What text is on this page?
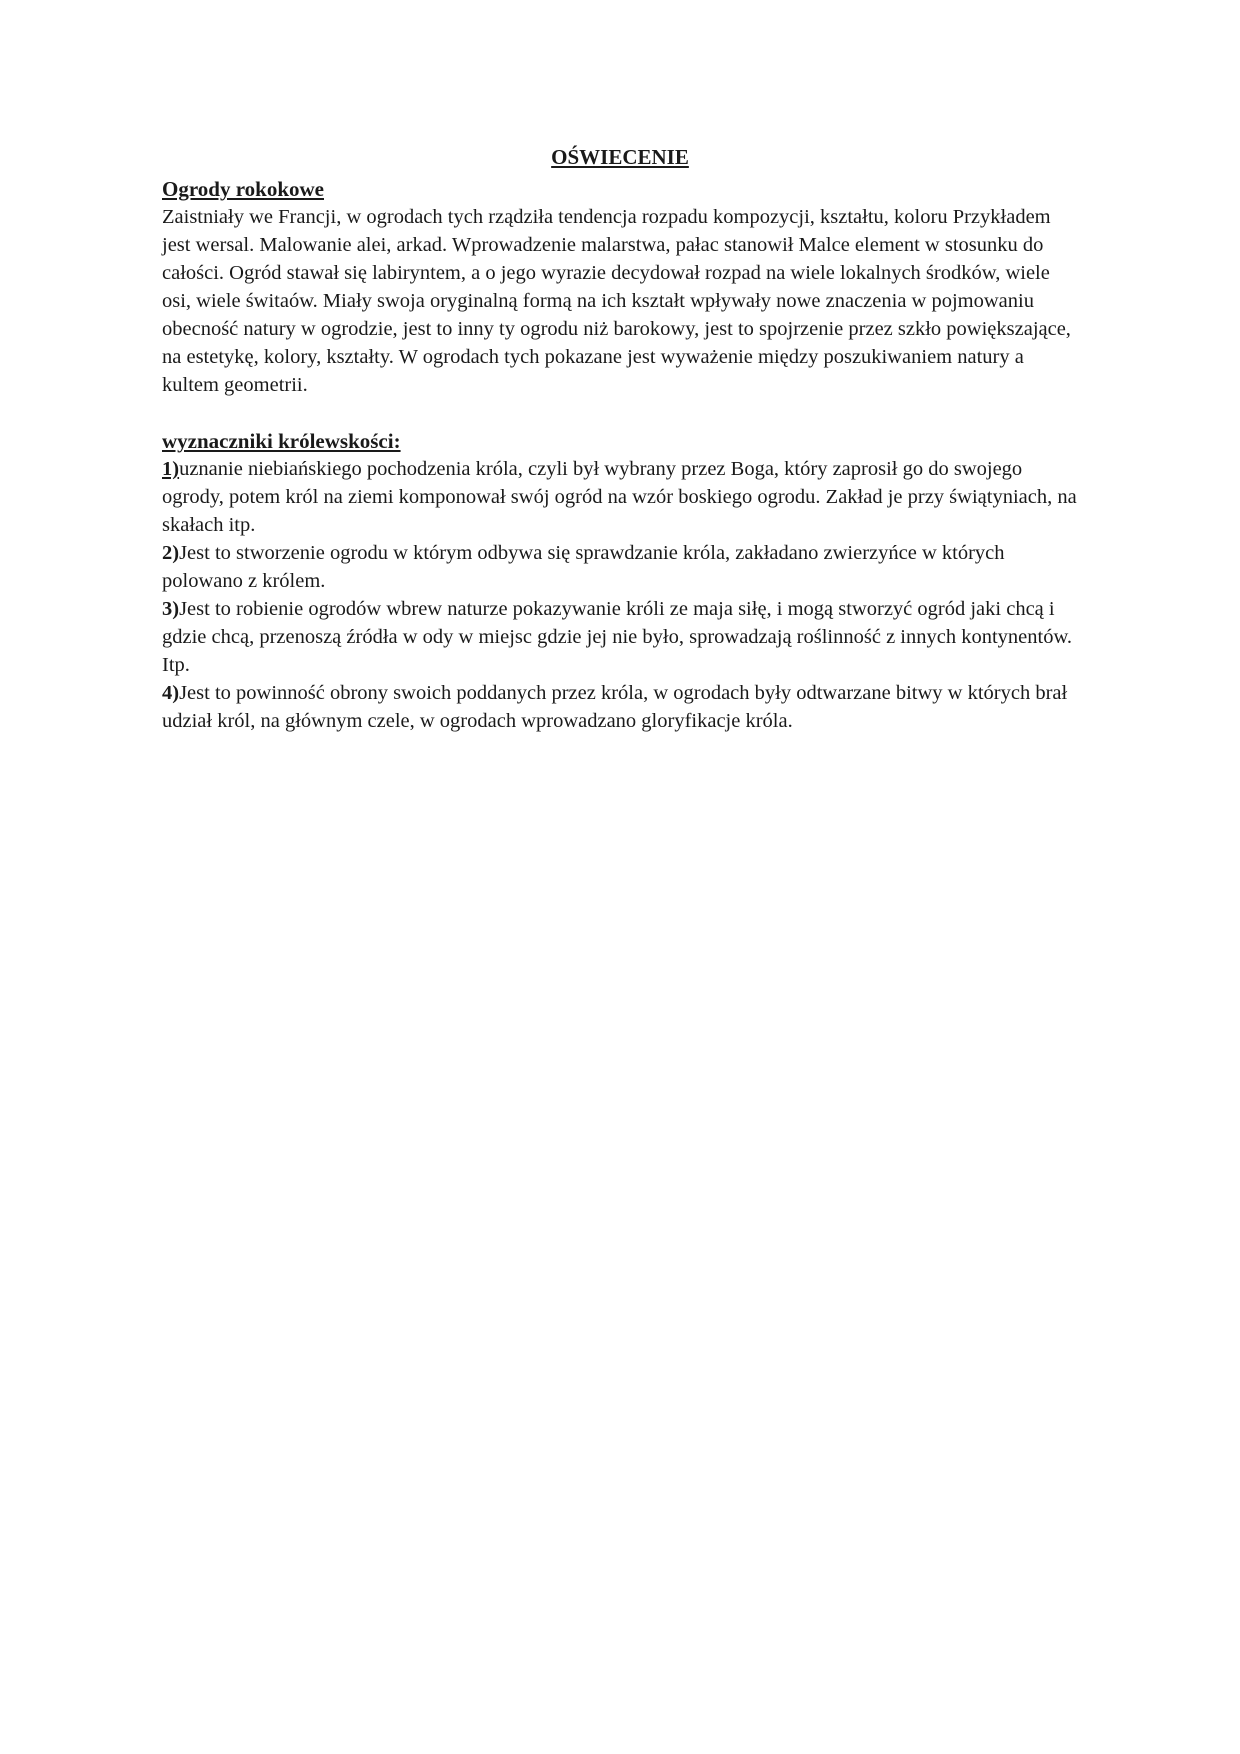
OŚWIECENIE
Ogrody rokokowe

Zaistniały we Francji, w ogrodach tych rządziła tendencja rozpadu kompozycji, kształtu, koloru Przykładem jest wersal. Malowanie alei, arkad. Wprowadzenie malarstwa, pałac stanowił Malce element w stosunku do całości. Ogród stawał się labiryntem, a o jego wyrazie decydował rozpad na wiele lokalnych środków, wiele osi, wiele świtaów. Miały swoja oryginalną formą na ich kształt wpływały nowe znaczenia w pojmowaniu obecność natury w ogrodzie, jest to inny ty ogrodu niż barokowy, jest to spojrzenie przez szkło powiększające, na estetykę, kolory, kształty. W ogrodach tych pokazane jest wyważenie między poszukiwaniem natury a kultem geometrii.

wyznaczniki królewskości:

1)uznanie niebiańskiego pochodzenia króla, czyli był wybrany przez Boga, który zaprosił go do swojego ogrody, potem król na ziemi komponował swój ogród na wzór boskiego ogrodu. Zakład je przy świątyniach, na skałach itp.

2)Jest to stworzenie ogrodu w którym odbywa się sprawdzanie króla, zakładano zwierzyńce w których polowano z królem.

3)Jest to robienie ogrodów wbrew naturze pokazywanie króli ze maja siłę, i mogą stworzyć ogród jaki chcą i gdzie chcą, przenoszą źródła w ody w miejsc gdzie jej nie było, sprowadzają roślinność z innych kontynentów. Itp.

4)Jest to powinność obrony swoich poddanych przez króla, w ogrodach były odtwarzane bitwy w których brał udział król, na głównym czele, w ogrodach wprowadzano gloryfikacje króla.
